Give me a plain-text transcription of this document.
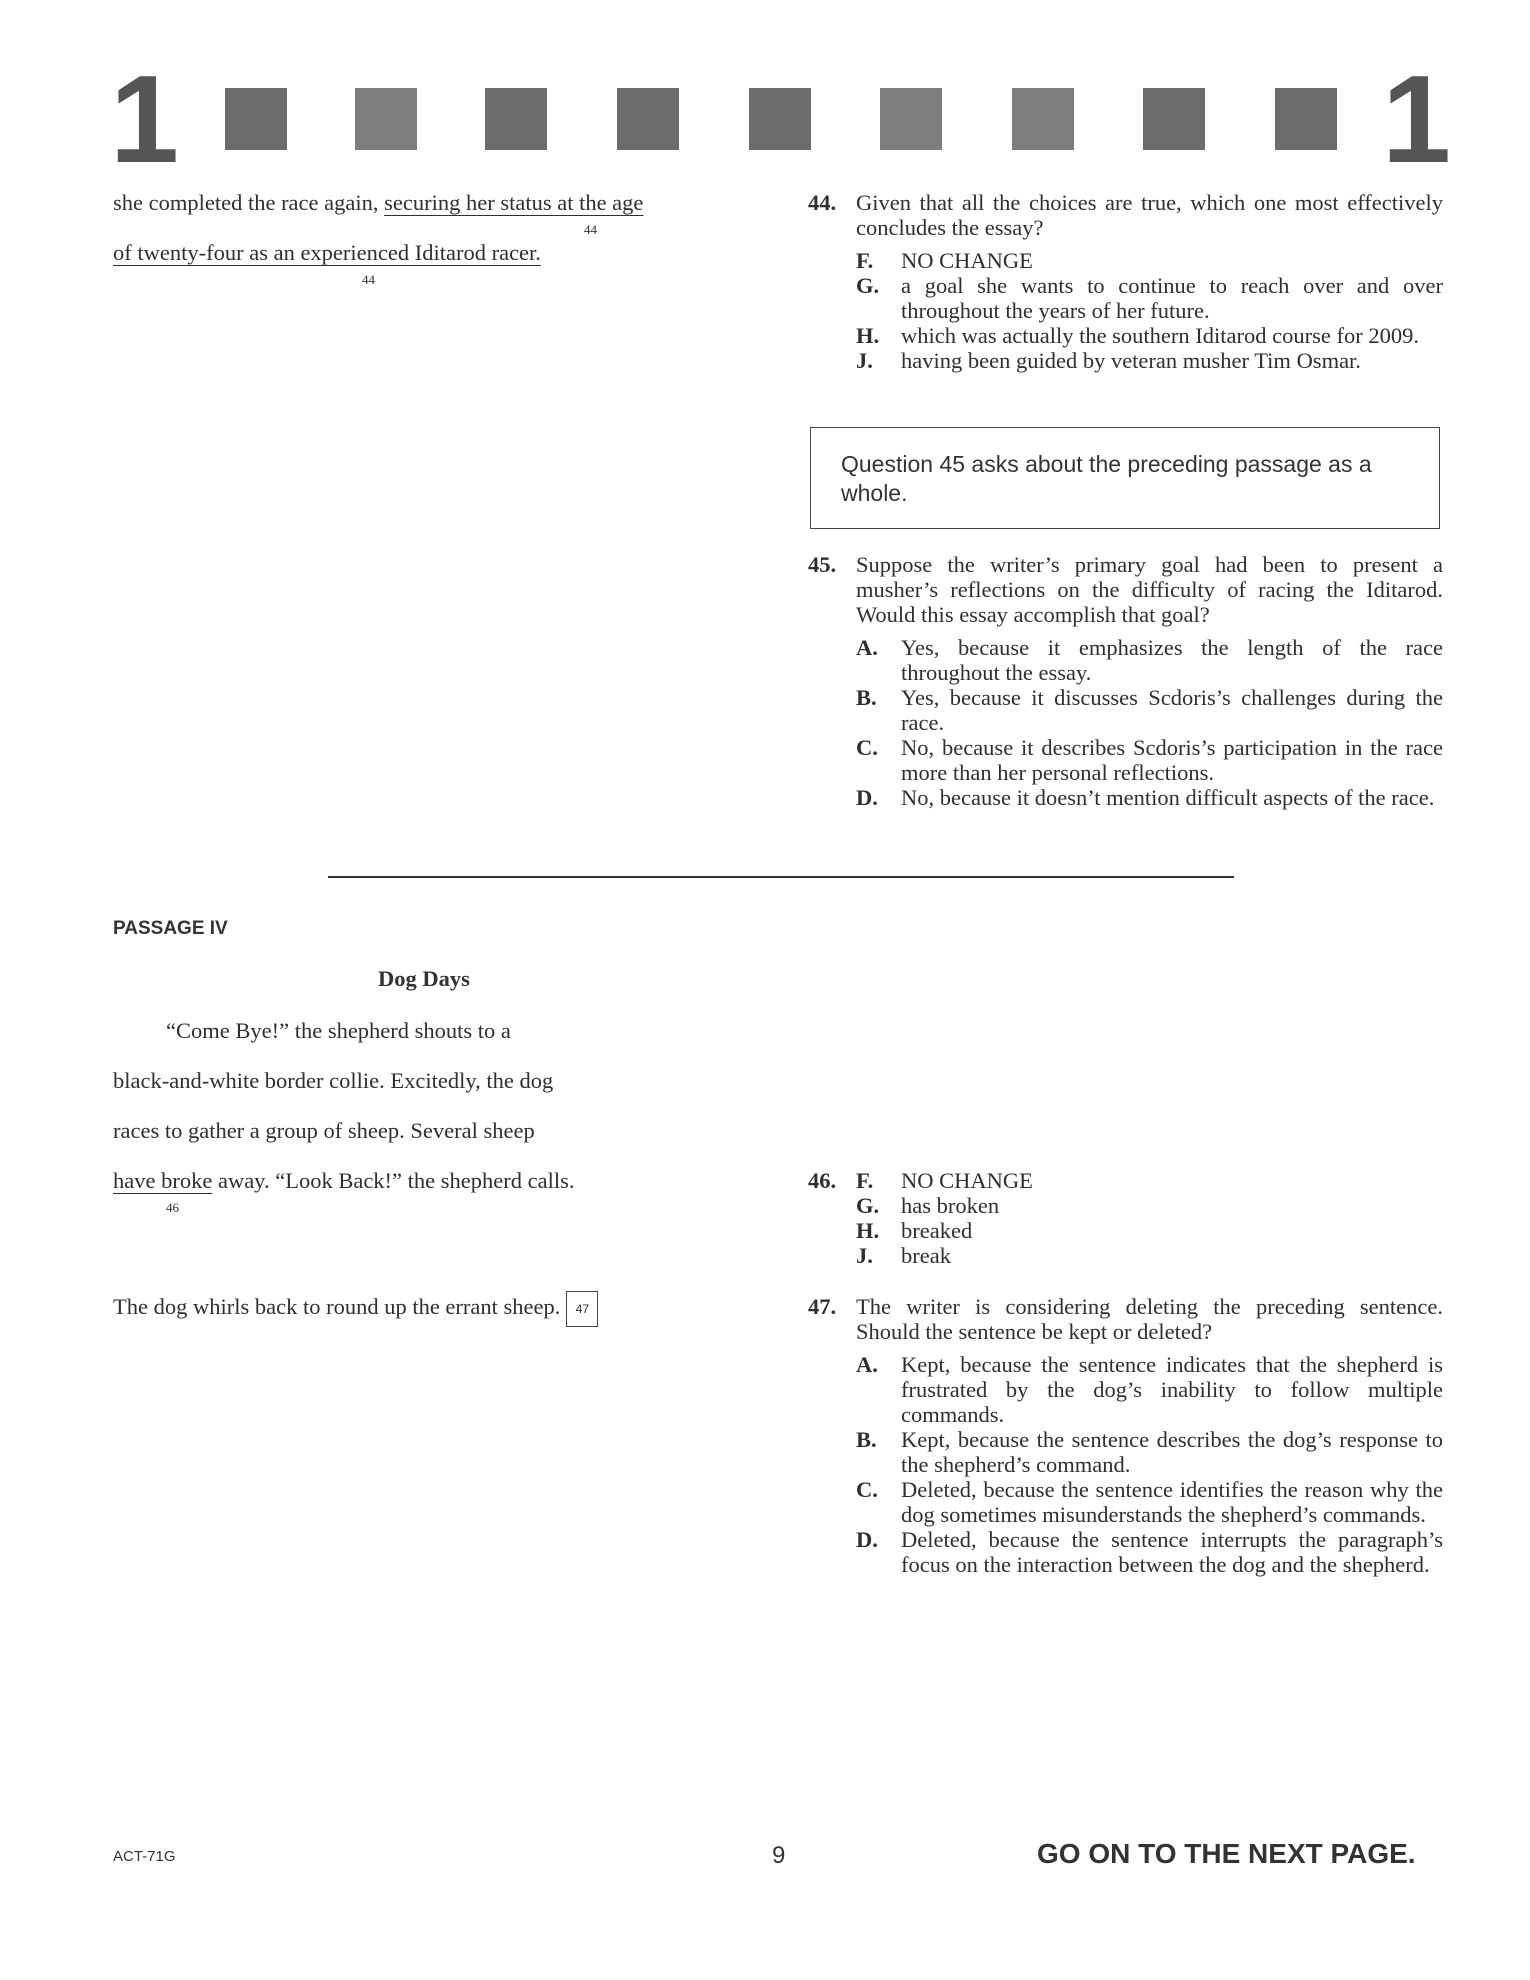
1	1
she completed the race again, securing her status at the age
44
of twenty-four as an experienced Iditarod racer.
44
44. Given that all the choices are true, which one most effectively concludes the essay?
F.	NO CHANGE
G. a goal she wants to continue to reach over and over throughout the years of her future.
H. which was actually the southern Iditarod course for 2009.
J.	having been guided by veteran musher Tim Osmar.
Question 45 asks about the preceding passage as a whole.
45. Suppose the writer’s primary goal had been to present a musher’s reflections on the difficulty of racing the Iditarod. Would this essay accomplish that goal?
A.	Yes, because it emphasizes the length of the race throughout the essay.
B.	Yes, because it discusses Scdoris’s challenges during the race.
C.	No, because it describes Scdoris’s participation in the race more than her personal reflections.
D.	No, because it doesn’t mention difficult aspects of the race.
PASSAGE IV
Dog Days
“Come Bye!” the shepherd shouts to a
black-and-white border collie. Excitedly, the dog
races to gather a group of sheep. Several sheep
have broke away. “Look Back!” the shepherd calls.
46
The dog whirls back to round up the errant sheep. 47
46. F.	NO CHANGE
G. has broken
H. breaked
J.	break
47. The writer is considering deleting the preceding sentence. Should the sentence be kept or deleted?
A.	Kept, because the sentence indicates that the shepherd is frustrated by the dog’s inability to follow multiple commands.
B.	Kept, because the sentence describes the dog’s response to the shepherd’s command.
C.	Deleted, because the sentence identifies the reason why the dog sometimes misunderstands the shepherd’s commands.
D.	Deleted, because the sentence interrupts the paragraph’s focus on the interaction between the dog and the shepherd.
ACT-71G	9	GO ON TO THE NEXT PAGE.
